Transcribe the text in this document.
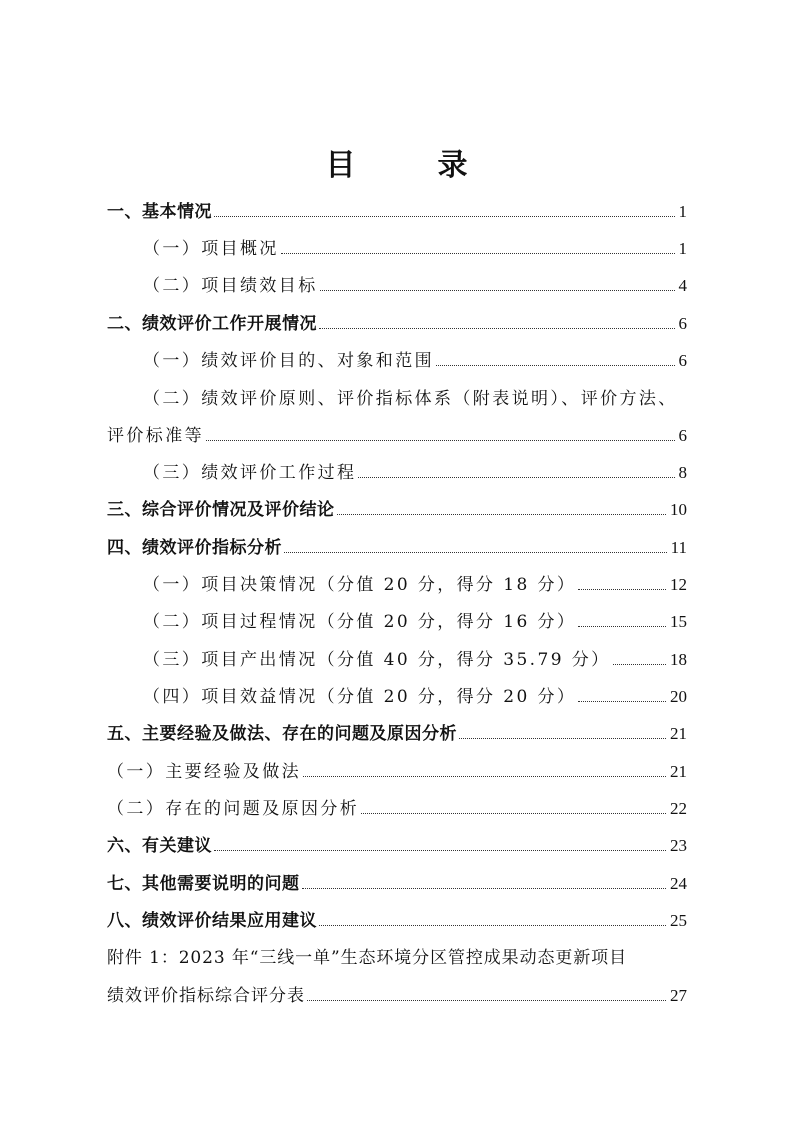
目　录
一、基本情况	1
（一）项目概况	1
（二）项目绩效目标	4
二、绩效评价工作开展情况	6
（一）绩效评价目的、对象和范围	6
（二）绩效评价原则、评价指标体系（附表说明）、评价方法、
评价标准等	6
（三）绩效评价工作过程	8
三、综合评价情况及评价结论	10
四、绩效评价指标分析	11
（一）项目决策情况（分值 20 分，得分 18 分）	12
（二）项目过程情况（分值 20 分，得分 16 分）	15
（三）项目产出情况（分值 40 分，得分 35.79 分）	18
（四）项目效益情况（分值 20 分，得分 20 分）	20
五、主要经验及做法、存在的问题及原因分析	21
（一）主要经验及做法	21
（二）存在的问题及原因分析	22
六、有关建议	23
七、其他需要说明的问题	24
八、绩效评价结果应用建议	25
附件 1：2023 年“三线一单”生态环境分区管控成果动态更新项目
绩效评价指标综合评分表	27
